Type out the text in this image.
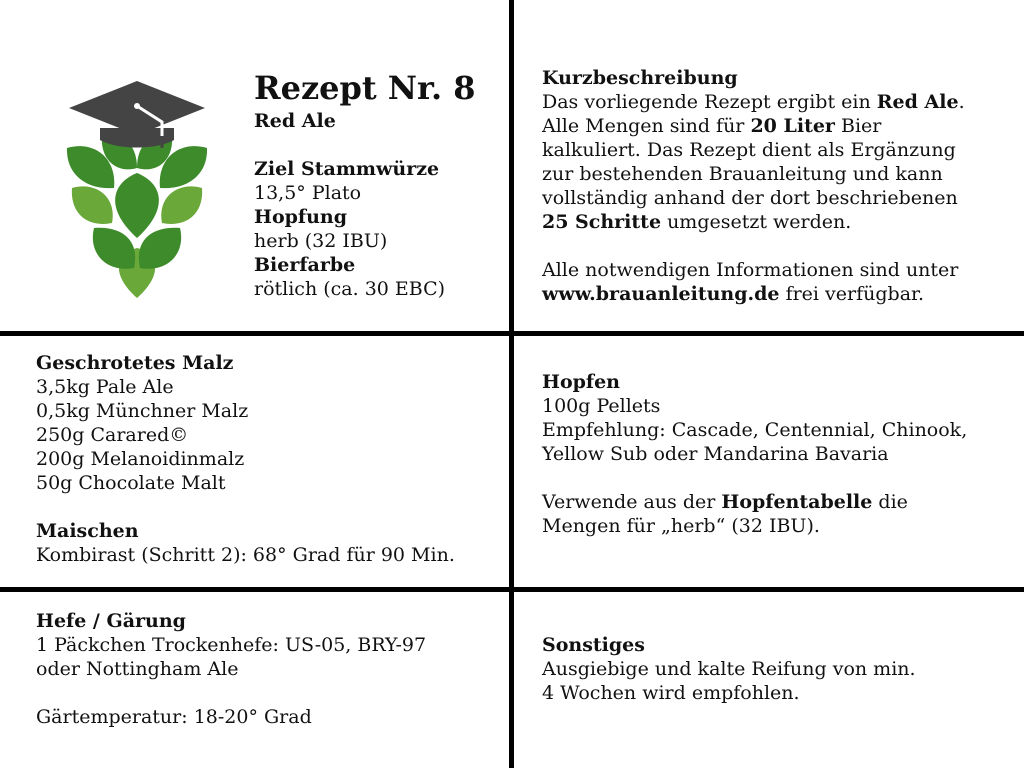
Rezept Nr. 8
Red Ale
Ziel Stammwürze
13,5° Plato
Hopfung
herb (32 IBU)
Bierfarbe
rötlich (ca. 30 EBC)
Kurzbeschreibung

Das vorliegende Rezept ergibt ein Red Ale.

Alle Mengen sind für 20 Liter Bier

kalkuliert. Das Rezept dient als Ergänzung

zur bestehenden Brauanleitung und kann

vollständig anhand der dort beschriebenen

25 Schritte umgesetzt werden.

Alle notwendigen Informationen sind unter

www.brauanleitung.de frei verfügbar.

Geschrotetes Malz
3,5kg Pale Ale
0,5kg Münchner Malz
250g Carared©
200g Melanoidinmalz
50g Chocolate Malt
Maischen
Kombirast (Schritt 2): 68° Grad für 90 Min.
Hopfen
100g Pellets
Empfehlung: Cascade, Centennial, Chinook,
Yellow Sub oder Mandarina Bavaria
Verwende aus der Hopfentabelle die
Mengen für „herb“ (32 IBU).
Hefe / Gärung
1 Päckchen Trockenhefe: US-05, BRY-97
oder Nottingham Ale
Gärtemperatur: 18-20° Grad
Sonstiges
Ausgiebige und kalte Reifung von min.
4 Wochen wird empfohlen.
